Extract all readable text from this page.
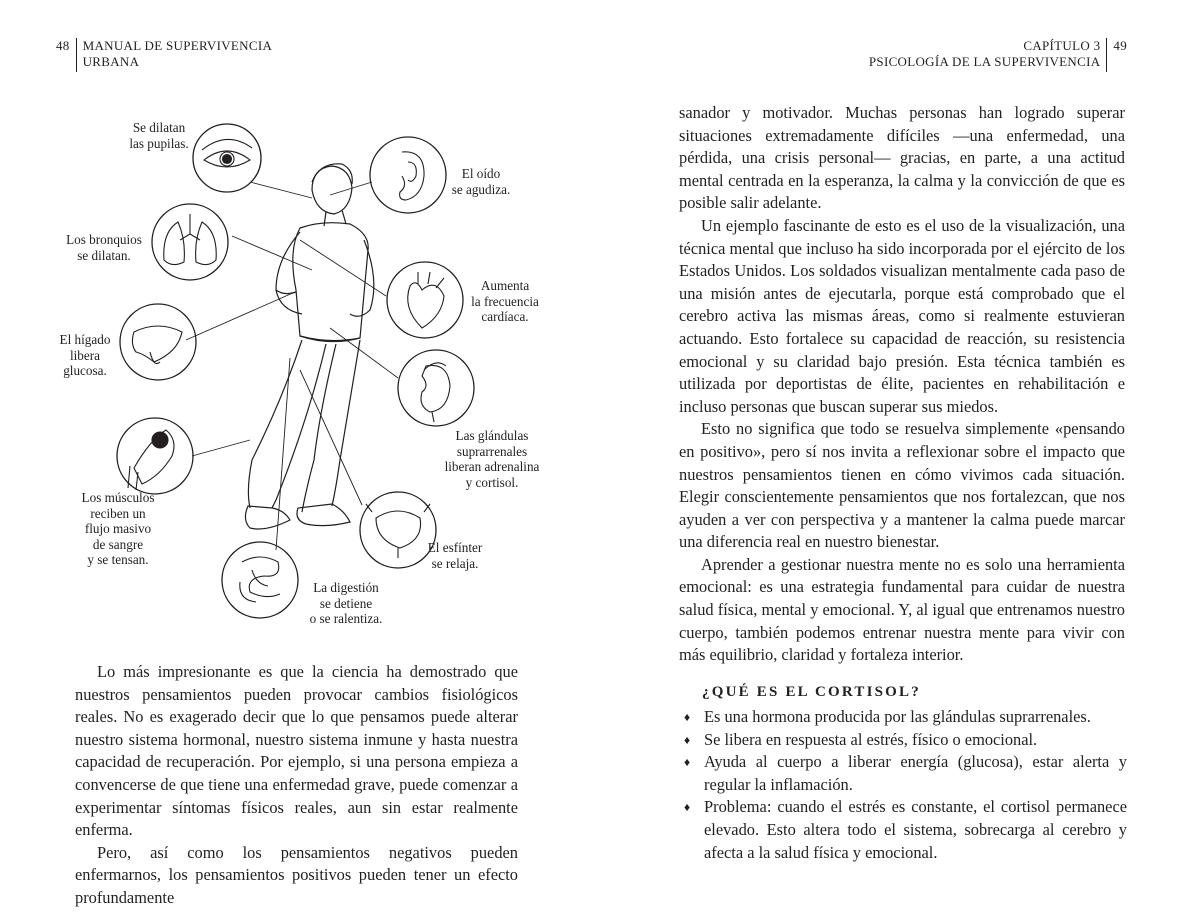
48	MANUAL DE SUPERVIVENCIA
URBANA
Se dilatan
las pupilas.
El oído
se agudiza.
Los bronquios
se dilatan.
Aumenta
la frecuencia
cardíaca.
El hígado
libera
glucosa.
Las glándulas
suprarrenales
liberan adrenalina
y cortisol.
Los músculos
reciben un
flujo masivo
de sangre
y se tensan.
El esfínter
se relaja.
La digestión
se detiene
o se ralentiza.

Lo más impresionante es que la ciencia ha demostrado que nuestros pensamientos pueden provocar cambios fisiológicos reales. No es exagerado decir que lo que pensamos puede alterar nuestro sistema hormonal, nuestro sistema inmune y hasta nuestra capacidad de recuperación. Por ejemplo, si una persona empieza a convencerse de que tiene una enfermedad grave, puede comenzar a experimentar síntomas físicos reales, aun sin estar realmente enferma.

Pero, así como los pensamientos negativos pueden enfermarnos, los pensamientos positivos pueden tener un efecto profundamente

CAPÍTULO 3
PSICOLOGÍA DE LA SUPERVIVENCIA
49

sanador y motivador. Muchas personas han logrado superar situaciones extremadamente difíciles —una enfermedad, una pérdida, una crisis personal— gracias, en parte, a una actitud mental centrada en la esperanza, la calma y la convicción de que es posible salir adelante.

Un ejemplo fascinante de esto es el uso de la visualización, una técnica mental que incluso ha sido incorporada por el ejército de los Estados Unidos. Los soldados visualizan mentalmente cada paso de una misión antes de ejecutarla, porque está comprobado que el cerebro activa las mismas áreas, como si realmente estuvieran actuando. Esto fortalece su capacidad de reacción, su resistencia emocional y su claridad bajo presión. Esta técnica también es utilizada por deportistas de élite, pacientes en rehabilitación e incluso personas que buscan superar sus miedos.

Esto no significa que todo se resuelva simplemente «pensando en positivo», pero sí nos invita a reflexionar sobre el impacto que nuestros pensamientos tienen en cómo vivimos cada situación. Elegir conscientemente pensamientos que nos fortalezcan, que nos ayuden a ver con perspectiva y a mantener la calma puede marcar una diferencia real en nuestro bienestar.

Aprender a gestionar nuestra mente no es solo una herramienta emocional: es una estrategia fundamental para cuidar de nuestra salud física, mental y emocional. Y, al igual que entrenamos nuestro cuerpo, también podemos entrenar nuestra mente para vivir con más equilibrio, claridad y fortaleza interior.

¿QUÉ ES EL CORTISOL?
♦ Es una hormona producida por las glándulas suprarrenales.
♦ Se libera en respuesta al estrés, físico o emocional.
♦ Ayuda al cuerpo a liberar energía (glucosa), estar alerta y regular la inflamación.
♦ Problema: cuando el estrés es constante, el cortisol permanece elevado. Esto altera todo el sistema, sobrecarga al cerebro y afecta a la salud física y emocional.
